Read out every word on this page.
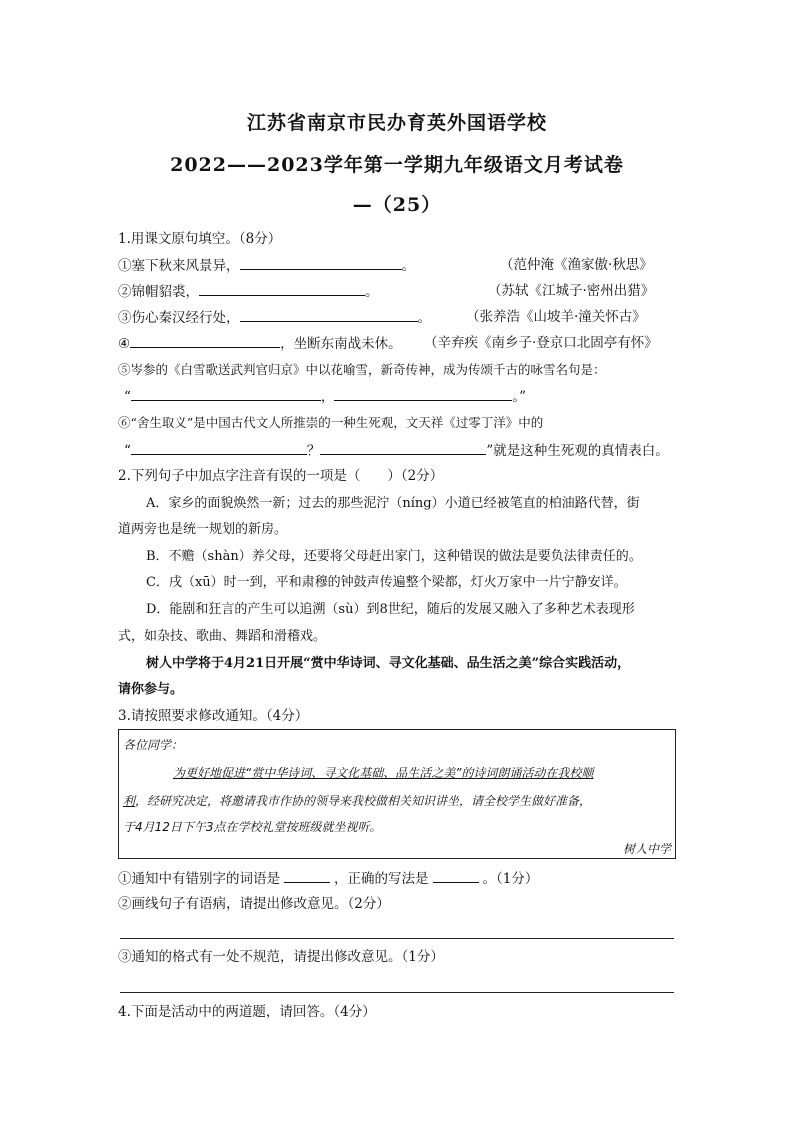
江苏省南京市民办育英外国语学校
2022——2023学年第一学期九年级语文月考试卷
—（25）
1.用课文原句填空。（8分）
①塞下秋来风景异，	。	（范仲淹《渔家傲·秋思》
②锦帽貂裘，	。	（苏轼《江城子·密州出猎》
③伤心秦汉经行处，	。	（张养浩《山坡羊·潼关怀古》
④	，坐断东南战未休。 （辛弃疾《南乡子·登京口北固亭有怀》
⑤岑参的《白雪歌送武判官归京》中以花喻雪，新奇传神，成为传颂千古的咏雪名句是：
“	，	。”
⑥“舍生取义”是中国古代文人所推崇的一种生死观，文天祥《过零丁洋》中的
“	？	”就是这种生死观的真情表白。
2.下列句子中加点字注音有误的一项是（　　）（2分）
A．家乡的面貌焕然一新；过去的那些泥泞（níng）小道已经被笔直的柏油路代替，街
道两旁也是统一规划的新房。
B．不赡（shàn）养父母，还要将父母赶出家门，这种错误的做法是要负法律责任的。
C．戌（xū）时一到，平和肃穆的钟鼓声传遍整个梁都，灯火万家中一片宁静安详。
D．能剧和狂言的产生可以追溯（sù）到8世纪，随后的发展又融入了多种艺术表现形
式，如杂技、歌曲、舞蹈和滑稽戏。
树人中学将于4月21日开展“赏中华诗词、寻文化基础、品生活之美”综合实践活动，
请你参与。
3.请按照要求修改通知。（4分）
各位同学：
为更好地促进“赏中华诗词、寻文化基础、品生活之美”的诗词朗诵活动在我校顺
利，经研究决定，将邀请我市作协的领导来我校做相关知识讲坐，请全校学生做好准备，
于4月12日下午3点在学校礼堂按班级就坐视听。
树人中学
①通知中有错别字的词语是	，正确的写法是	。（1分）
②画线句子有语病，请提出修改意见。（2分）
③通知的格式有一处不规范，请提出修改意见。（1分）
4.下面是活动中的两道题，请回答。（4分）
